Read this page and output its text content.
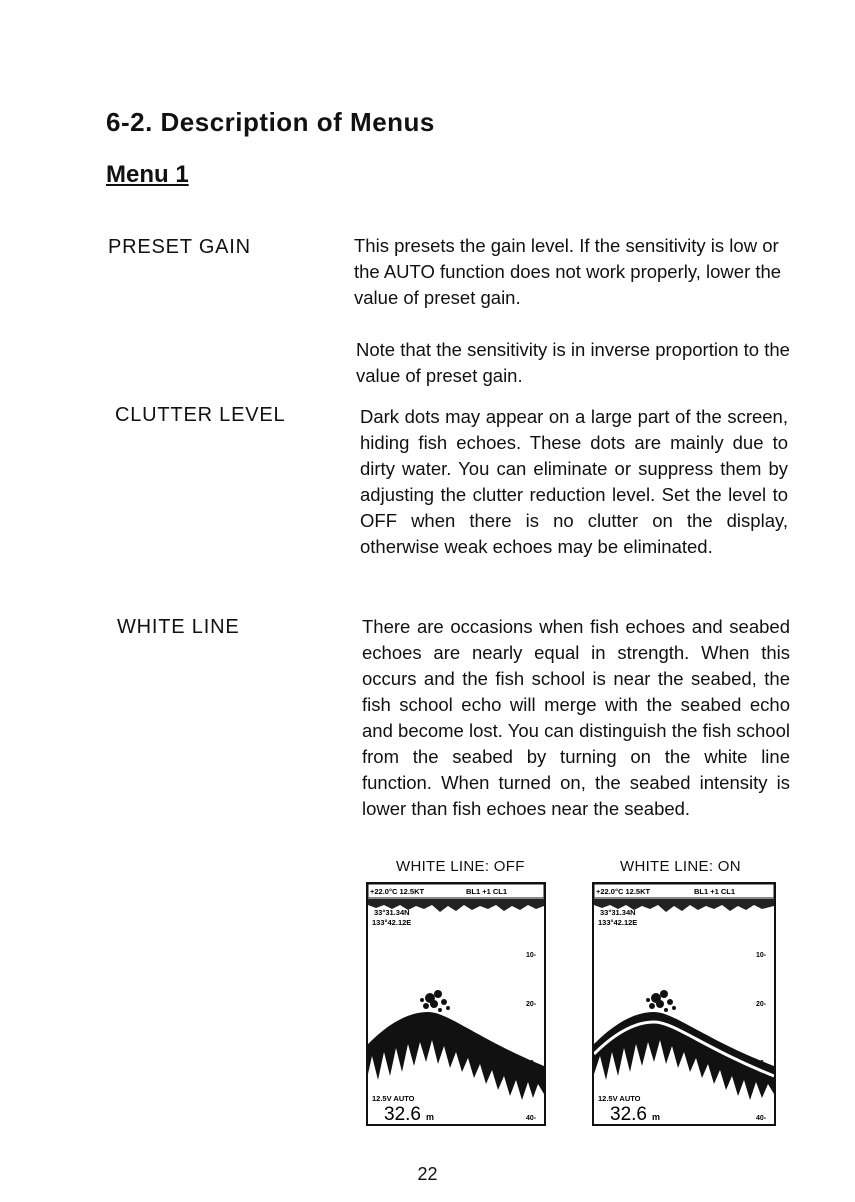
6-2. Description of Menus
Menu 1
PRESET GAIN	This presets the gain level. If the sensitivity is low or the AUTO function does not work properly, lower the value of preset gain.

Note that the sensitivity is in inverse proportion to the value of preset gain.

CLUTTER LEVEL	Dark dots may appear on a large part of the screen, hiding fish echoes. These dots are mainly due to dirty water. You can eliminate or suppress them by adjusting the clutter reduction level. Set the level to OFF when there is no clutter on the display, otherwise weak echoes may be eliminated.

WHITE LINE	There are occasions when fish echoes and seabed echoes are nearly equal in strength. When this occurs and the fish school is near the seabed, the fish school echo will merge with the seabed echo and become lost. You can distinguish the fish school from the seabed by turning on the white line function. When turned on, the seabed intensity is lower than fish echoes near the seabed.

WHITE LINE: OFF
+22.0°C 12.5KT	BL1 +1 CL1
33°31.34N
133°42.12E
10-
20-
40-
12.5V AUTO
32.6 m
WHITE LINE: ON
+22.0°C 12.5KT	BL1 +1 CL1
33°31.34N
133°42.12E
10-
20-
40-
12.5V AUTO
32.6 m
22
